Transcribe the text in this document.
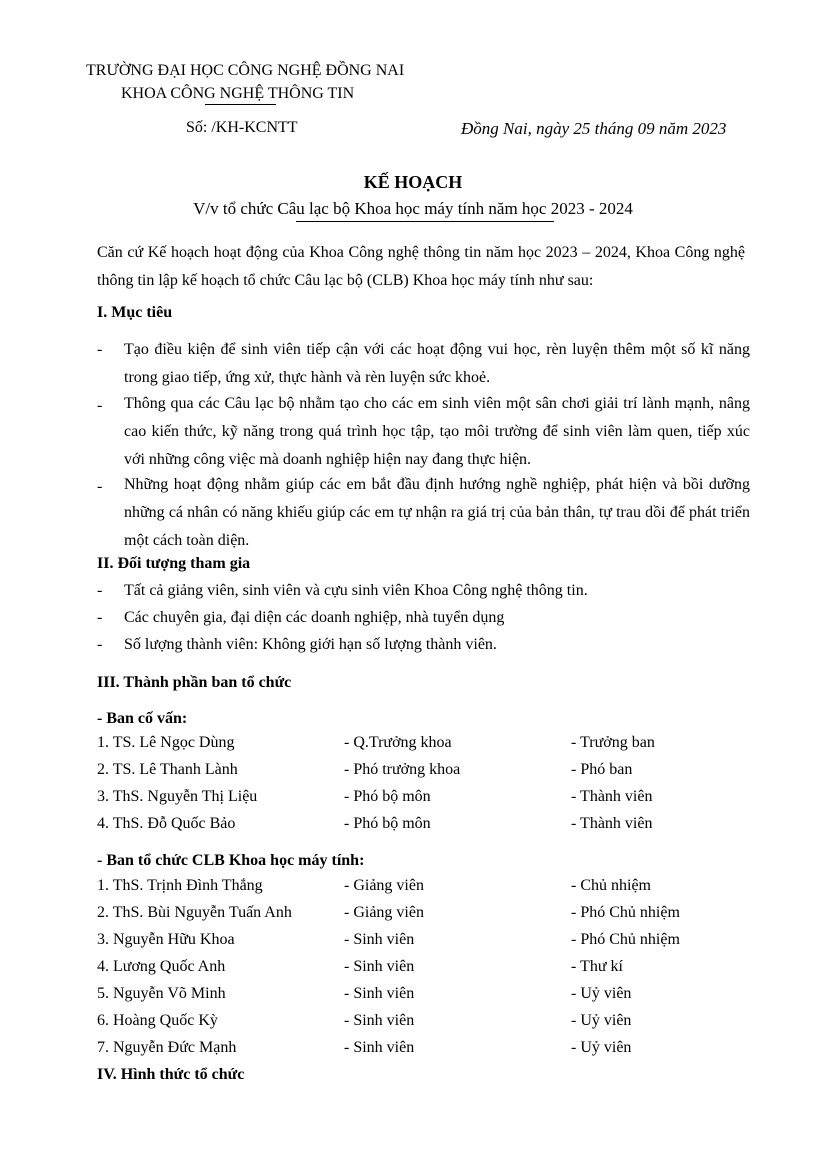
TRƯỜNG ĐẠI HỌC CÔNG NGHỆ ĐỒNG NAI
KHOA CÔNG NGHỆ THÔNG TIN
Số: /KH-KCNTT	Đồng Nai, ngày 25 tháng 09 năm 2023
KẾ HOẠCH
V/v tổ chức Câu lạc bộ Khoa học máy tính năm học 2023 - 2024
Căn cứ Kế hoạch hoạt động của Khoa Công nghệ thông tin năm học 2023 – 2024, Khoa Công nghệ thông tin lập kế hoạch tổ chức Câu lạc bộ (CLB) Khoa học máy tính như sau:
I. Mục tiêu
- Tạo điều kiện để sinh viên tiếp cận với các hoạt động vui học, rèn luyện thêm một số kĩ năng trong giao tiếp, ứng xử, thực hành và rèn luyện sức khoẻ.
- Thông qua các Câu lạc bộ nhằm tạo cho các em sinh viên một sân chơi giải trí lành mạnh, nâng cao kiến thức, kỹ năng trong quá trình học tập, tạo môi trường để sinh viên làm quen, tiếp xúc với những công việc mà doanh nghiệp hiện nay đang thực hiện.
- Những hoạt động nhằm giúp các em bắt đầu định hướng nghề nghiệp, phát hiện và bồi dưỡng những cá nhân có năng khiếu giúp các em tự nhận ra giá trị của bản thân, tự trau dồi để phát triển một cách toàn diện.
II. Đối tượng tham gia
- Tất cả giảng viên, sinh viên và cựu sinh viên Khoa Công nghệ thông tin.
- Các chuyên gia, đại diện các doanh nghiệp, nhà tuyển dụng
- Số lượng thành viên: Không giới hạn số lượng thành viên.
III. Thành phần ban tổ chức
- Ban cố vấn:
1. TS. Lê Ngọc Dùng	- Q.Trưởng khoa	- Trưởng ban
2. TS. Lê Thanh Lành	- Phó trưởng khoa	- Phó ban
3. ThS. Nguyễn Thị Liệu	- Phó bộ môn	- Thành viên
4. ThS. Đỗ Quốc Bảo	- Phó bộ môn	- Thành viên
- Ban tổ chức CLB Khoa học máy tính:
1. ThS. Trịnh Đình Thắng	- Giảng viên	- Chủ nhiệm
2. ThS. Bùi Nguyễn Tuấn Anh	- Giảng viên	- Phó Chủ nhiệm
3. Nguyễn Hữu Khoa	- Sinh viên	- Phó Chủ nhiệm
4. Lương Quốc Anh	- Sinh viên	- Thư kí
5. Nguyễn Võ Minh	- Sinh viên	- Uỷ viên
6. Hoàng Quốc Kỳ	- Sinh viên	- Uỷ viên
7. Nguyễn Đức Mạnh	- Sinh viên	- Uỷ viên
IV. Hình thức tổ chức
